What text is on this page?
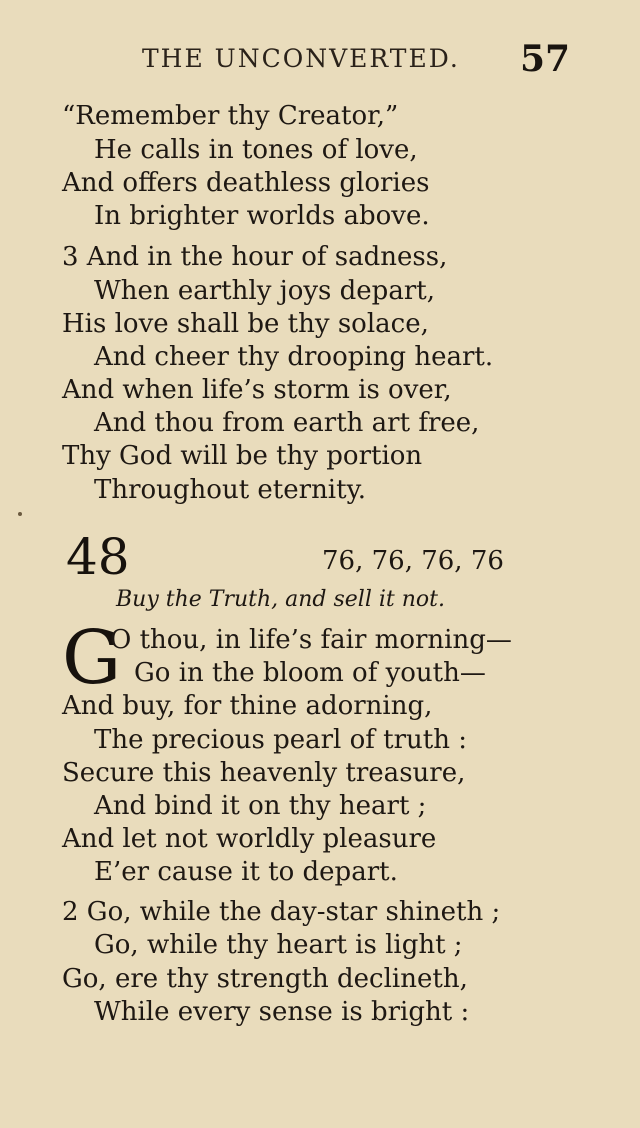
THE UNCONVERTED. 57
“Remember thy Creator,”
He calls in tones of love,
And offers deathless glories
In brighter worlds above.
3 And in the hour of sadness,
When earthly joys depart,
His love shall be thy solace,
And cheer thy drooping heart.
And when life’s storm is over,
And thou from earth art free,
Thy God will be thy portion
Throughout eternity.
48	76, 76, 76, 76
Buy the Truth, and sell it not.
G
O thou, in life’s fair morning—
Go in the bloom of youth—
And buy, for thine adorning,
The precious pearl of truth :
Secure this heavenly treasure,
And bind it on thy heart ;
And let not worldly pleasure
E’er cause it to depart.
2 Go, while the day-star shineth ;
Go, while thy heart is light ;
Go, ere thy strength declineth,
While every sense is bright :
